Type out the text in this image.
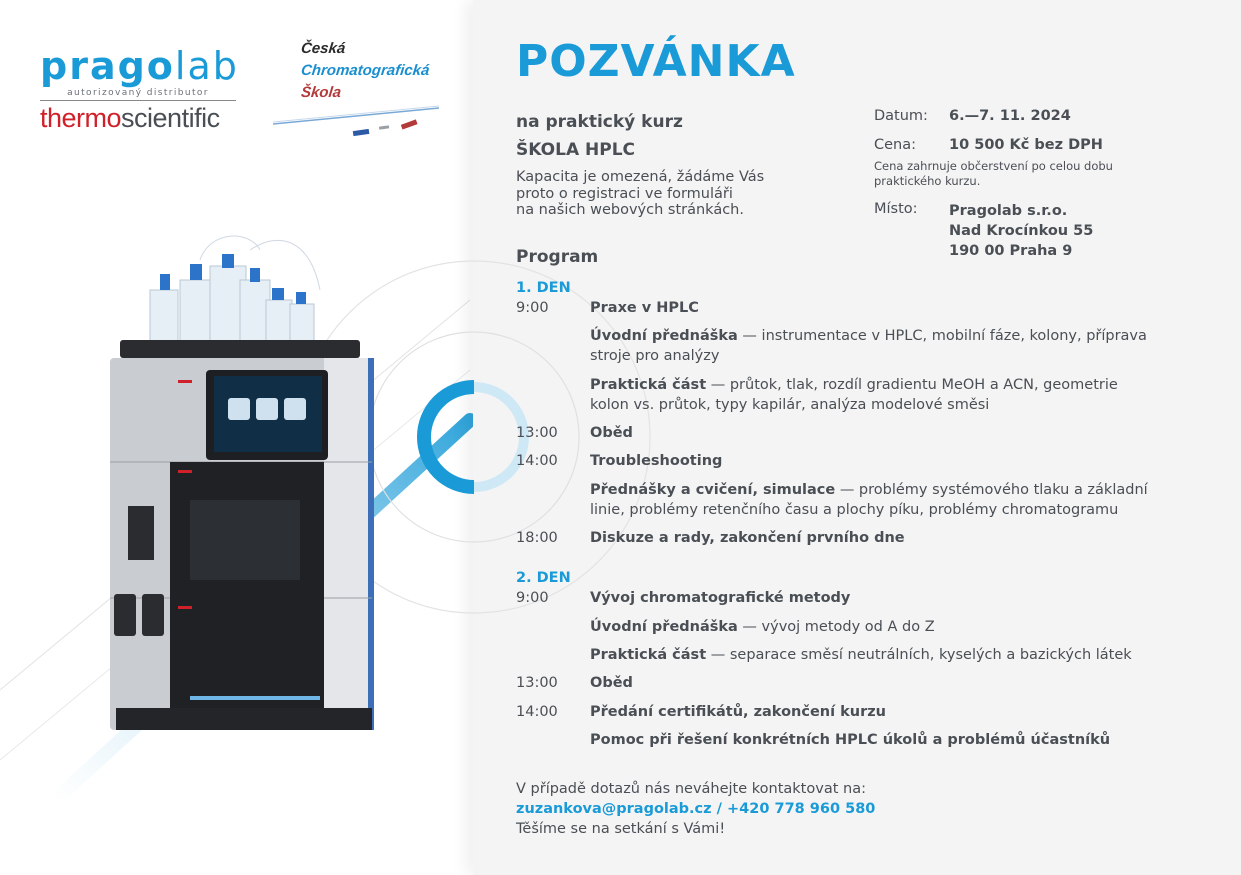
pragolab
autorizovaný distributor
thermoscientific
Česká
Chromatografická
Škola
POZVÁNKA
na praktický kurz
ŠKOLA HPLC
Kapacita je omezená, žádáme Vás
proto o registraci ve formuláři
na našich webových stránkách.
Datum: 6.—7. 11. 2024
Cena: 10 500 Kč bez DPH
Cena zahrnuje občerstvení po celou dobu
praktického kurzu.
Místo: Pragolab s.r.o.
Nad Krocínkou 55
190 00 Praha 9
Program
1. DEN
9:00	Praxe v HPLC
Úvodní přednáška — instrumentace v HPLC, mobilní fáze, kolony, příprava stroje pro analýzy
Praktická část — průtok, tlak, rozdíl gradientu MeOH a ACN, geometrie kolon vs. průtok, typy kapilár, analýza modelové směsi
13:00 Oběd
14:00 Troubleshooting
Přednášky a cvičení, simulace — problémy systémového tlaku a základní linie, problémy retenčního času a plochy píku, problémy chromatogramu
18:00 Diskuze a rady, zakončení prvního dne
2. DEN
9:00	Vývoj chromatografické metody
Úvodní přednáška — vývoj metody od A do Z
Praktická část — separace směsí neutrálních, kyselých a bazických látek
13:00 Oběd
14:00 Předání certifikátů, zakončení kurzu
Pomoc při řešení konkrétních HPLC úkolů a problémů účastníků
V případě dotazů nás neváhejte kontaktovat na:
zuzankova@pragolab.cz / +420 778 960 580
Těšíme se na setkání s Vámi!
